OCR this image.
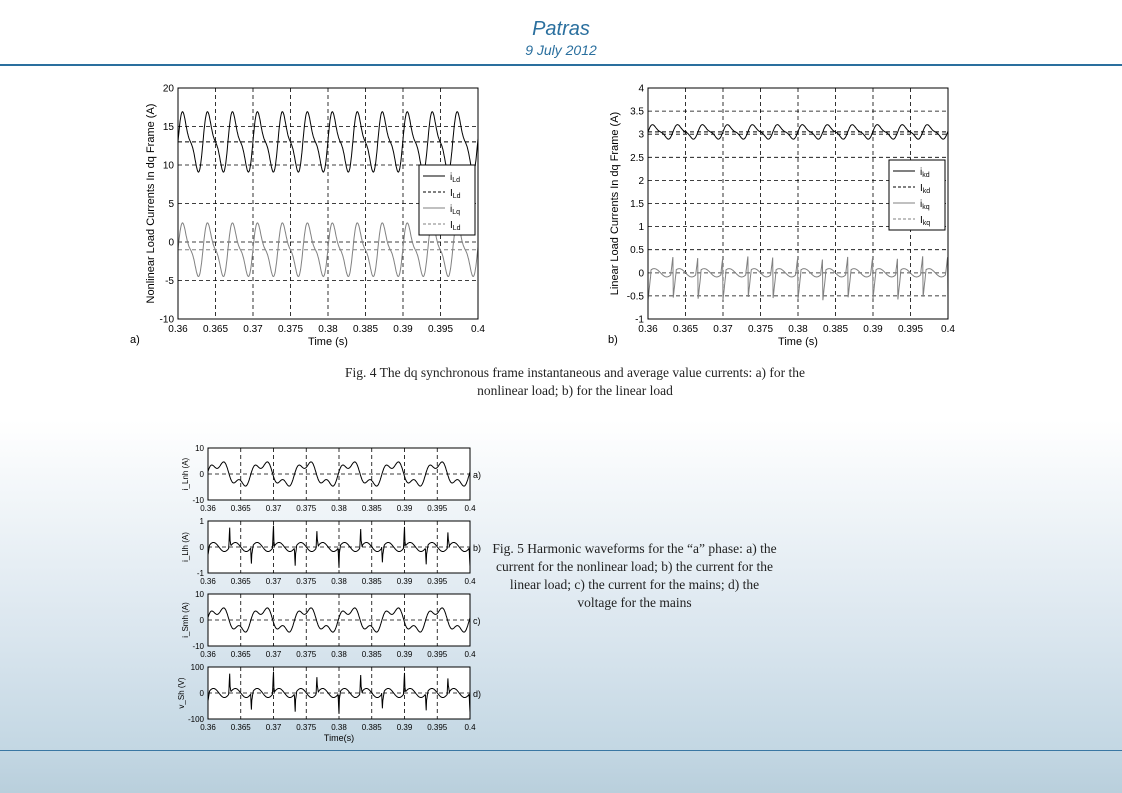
Patras
9 July 2012
0.36 0.365 0.37 0.375 0.38 0.385 0.39 0.395 0.4
-10
-5
0
5
10
15
20
Time (s)
Nonlinear Load Currents In dq Frame (A)
a)
$i_{Ld}$
$I_{Ld}$
$i_{Lq}$
$I_{Ld}$
0.36 0.365 0.37 0.375 0.38 0.385 0.39 0.395 0.4
-1
-0.5
0
0.5
1
1.5
2
2.5
3
3.5
4
Time (s)
Linear Load Currents In dq Frame (A)
b)
$i_{kd}$
$I_{kd}$
$i_{kq}$
$I_{kq}$
Fig. 4 The dq synchronous frame instantaneous and average value currents: a) for the nonlinear load; b) for the linear load
0.36 0.365 0.37 0.375 0.38 0.385 0.39 0.395 0.4
-10
0
10
i_Lnh (A)	a)
0.36 0.365 0.37 0.375 0.38 0.385 0.39 0.395 0.4
-1
0
1
i_Llh (A)	b)
0.36 0.365 0.37 0.375 0.38 0.385 0.39 0.395 0.4
-10
0
10
i_Smh (A)	c)
0.36 0.365 0.37 0.375 0.38 0.385 0.39 0.395 0.4
-100
0
100
Time(s)
v_Sh (V)	d)
Fig. 5 Harmonic waveforms for the “a” phase: a) the current for the nonlinear load; b) the current for the linear load; c) the current for the mains; d) the voltage for the mains
